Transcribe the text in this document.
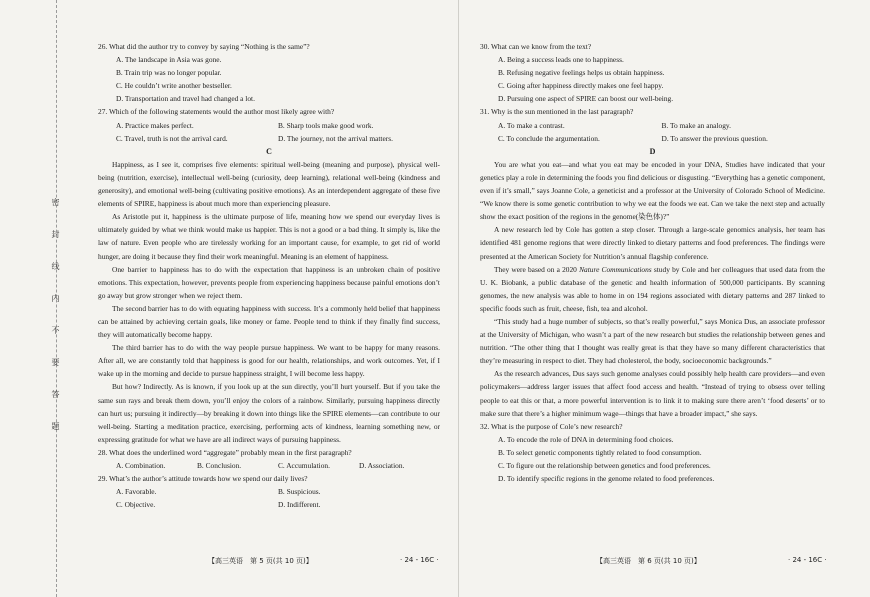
密
封
线
内
不
要
答
题
26. What did the author try to convey by saying “Nothing is the same”?
A. The landscape in Asia was gone.
B. Train trip was no longer popular.
C. He couldn’t write another bestseller.
D. Transportation and travel had changed a lot.
27. Which of the following statements would the author most likely agree with?
A. Practice makes perfect.	B. Sharp tools make good work.
C. Travel, truth is not the arrival card.	D. The journey, not the arrival matters.
C

Happiness, as I see it, comprises five elements: spiritual well-being (meaning and purpose), physical well-being (nutrition, exercise), intellectual well-being (curiosity, deep learning), relational well-being (kindness and generosity), and emotional well-being (cultivating positive emotions). As an interdependent aggregate of these five elements of SPIRE, happiness is about much more than experiencing pleasure.

As Aristotle put it, happiness is the ultimate purpose of life, meaning how we spend our everyday lives is ultimately guided by what we think would make us happier. This is not a good or a bad thing. It simply is, like the law of nature. Even people who are tirelessly working for an important cause, for example, to get rid of world hunger, are doing it because they find their work meaningful. Meaning is an element of happiness.

One barrier to happiness has to do with the expectation that happiness is an unbroken chain of positive emotions. This expectation, however, prevents people from experiencing happiness because painful emotions don’t go away but grow stronger when we reject them.

The second barrier has to do with equating happiness with success. It’s a commonly held belief that happiness can be attained by achieving certain goals, like money or fame. People tend to think if they finally find success, they will automatically become happy.

The third barrier has to do with the way people pursue happiness. We want to be happy for many reasons. After all, we are constantly told that happiness is good for our health, relationships, and work outcomes. Yet, if I wake up in the morning and decide to pursue happiness straight, I will become less happy.

But how? Indirectly. As is known, if you look up at the sun directly, you’ll hurt yourself. But if you take the same sun rays and break them down, you’ll enjoy the colors of a rainbow. Similarly, pursuing happiness directly can hurt us; pursuing it indirectly—by breaking it down into things like the SPIRE elements—can contribute to our well-being. Starting a meditation practice, exercising, performing acts of kindness, learning something new, or expressing gratitude for what we have are all indirect ways of pursuing happiness.

28. What does the underlined word “aggregate” probably mean in the first paragraph?
A. Combination.	B. Conclusion.	C. Accumulation.	D. Association.
29. What’s the author’s attitude towards how we spend our daily lives?
A. Favorable.	B. Suspicious.
C. Objective.	D. Indifferent.
【高三英语　第 5 页(共 10 页)】	· 24 - 16C ·
30. What can we know from the text?
A. Being a success leads one to happiness.
B. Refusing negative feelings helps us obtain happiness.
C. Going after happiness directly makes one feel happy.
D. Pursuing one aspect of SPIRE can boost our well-being.
31. Why is the sun mentioned in the last paragraph?
A. To make a contrast.	B. To make an analogy.
C. To conclude the argumentation.	D. To answer the previous question.
D

You are what you eat—and what you eat may be encoded in your DNA, Studies have indicated that your genetics play a role in determining the foods you find delicious or disgusting. “Everything has a genetic component, even if it’s small,” says Joanne Cole, a geneticist and a professor at the University of Colorado School of Medicine. “We know there is some genetic contribution to why we eat the foods we eat. Can we take the next step and actually show the exact position of the regions in the genome(染色体)?”

A new research led by Cole has gotten a step closer. Through a large-scale genomics analysis, her team has identified 481 genome regions that were directly linked to dietary patterns and food preferences. The findings were presented at the American Society for Nutrition’s annual flagship conference.

They were based on a 2020 Nature Communications study by Cole and her colleagues that used data from the U. K. Biobank, a public database of the genetic and health information of 500,000 participants. By scanning genomes, the new analysis was able to home in on 194 regions associated with dietary patterns and 287 linked to specific foods such as fruit, cheese, fish, tea and alcohol.

“This study had a huge number of subjects, so that’s really powerful,” says Monica Dus, an associate professor at the University of Michigan, who wasn’t a part of the new research but studies the relationship between genes and nutrition. “The other thing that I thought was really great is that they have so many different characteristics that they’re measuring in respect to diet. They had cholesterol, the body, socioeconomic backgrounds.”

As the research advances, Dus says such genome analyses could possibly help health care providers—and even policymakers—address larger issues that affect food access and health. “Instead of trying to obsess over telling people to eat this or that, a more powerful intervention is to link it to making sure there aren’t ‘food deserts’ or to make sure that there’s a higher minimum wage—things that have a broader impact,” she says.

32. What is the purpose of Cole’s new research?
A. To encode the role of DNA in determining food choices.
B. To select genetic components tightly related to food consumption.
C. To figure out the relationship between genetics and food preferences.
D. To identify specific regions in the genome related to food preferences.
【高三英语　第 6 页(共 10 页)】	· 24 - 16C ·
